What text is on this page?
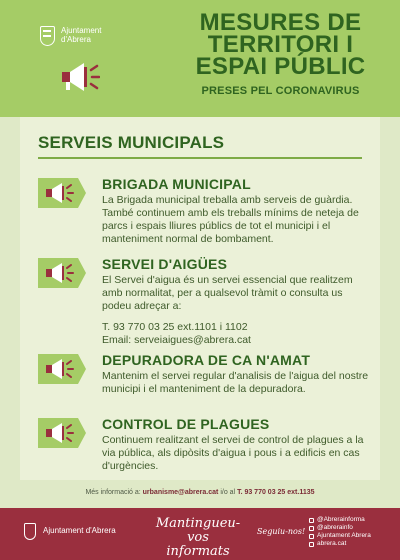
Ajuntament
d'Abrera
MESURES DE
TERRITORI I
ESPAI PÚBLIC
PRESES PEL CORONAVIRUS
SERVEIS MUNICIPALS
BRIGADA MUNICIPAL
La Brigada municipal treballa amb serveis de guàrdia. També continuem amb els treballs mínims de neteja de parcs i espais lliures públics de tot el municipi i el manteniment normal de bombament.
SERVEI D'AIGÜES
El Servei d'aigua és un servei essencial que realitzem amb normalitat, per a qualsevol tràmit o consulta us podeu adreçar a:
T. 93 770 03 25 ext.1101 i 1102
Email: serveiaigues@abrera.cat
DEPURADORA DE CA N'AMAT
Mantenim el servei regular d'analisis de l'aigua del nostre municipi i el manteniment de la depuradora.
CONTROL DE PLAGUES
Continuem realitzant el servei de control de plagues a la via pública, als dipòsits d'aigua i pous i a edificis en cas d'urgències.
Més informació a: urbanisme@abrera.cat i/o al T. 93 770 03 25 ext.1135
Ajuntament d'Abrera	Mantingueu-vos
informats
Seguiu-nos!
@Abrerainforma
@abrerainfo
Ajuntament Abrera
abrera.cat
